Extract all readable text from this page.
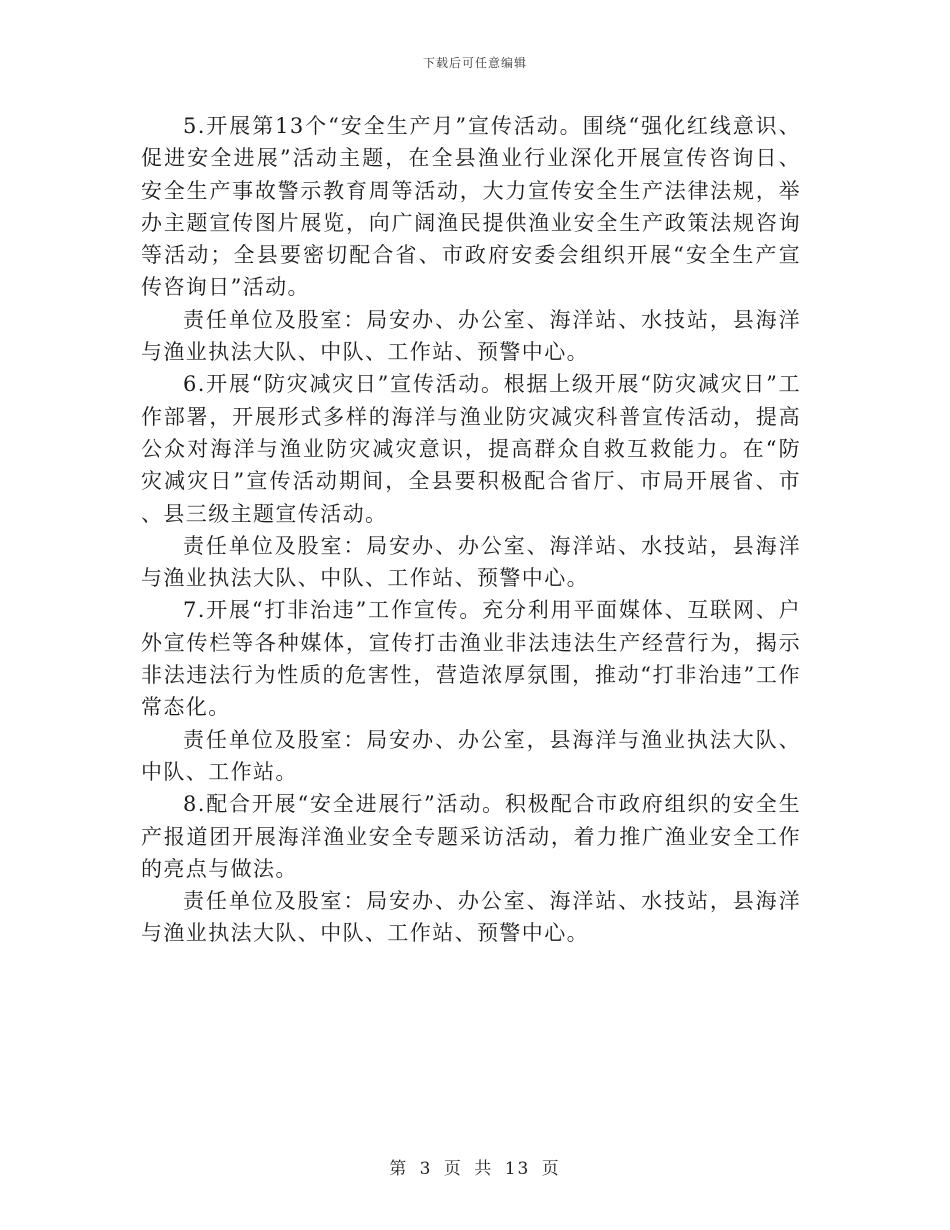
下载后可任意编辑

5.开展第13个“安全生产月”宣传活动。围绕“强化红线意识、促进安全进展”活动主题，在全县渔业行业深化开展宣传咨询日、安全生产事故警示教育周等活动，大力宣传安全生产法律法规，举办主题宣传图片展览，向广阔渔民提供渔业安全生产政策法规咨询等活动；全县要密切配合省、市政府安委会组织开展“安全生产宣传咨询日”活动。

责任单位及股室：局安办、办公室、海洋站、水技站，县海洋与渔业执法大队、中队、工作站、预警中心。

6.开展“防灾减灾日”宣传活动。根据上级开展“防灾减灾日”工作部署，开展形式多样的海洋与渔业防灾减灾科普宣传活动，提高公众对海洋与渔业防灾减灾意识，提高群众自救互救能力。在“防灾减灾日”宣传活动期间，全县要积极配合省厅、市局开展省、市、县三级主题宣传活动。

责任单位及股室：局安办、办公室、海洋站、水技站，县海洋与渔业执法大队、中队、工作站、预警中心。

7.开展“打非治违”工作宣传。充分利用平面媒体、互联网、户外宣传栏等各种媒体，宣传打击渔业非法违法生产经营行为，揭示非法违法行为性质的危害性，营造浓厚氛围，推动“打非治违”工作常态化。

责任单位及股室：局安办、办公室，县海洋与渔业执法大队、中队、工作站。

8.配合开展“安全进展行”活动。积极配合市政府组织的安全生产报道团开展海洋渔业安全专题采访活动，着力推广渔业安全工作的亮点与做法。

责任单位及股室：局安办、办公室、海洋站、水技站，县海洋与渔业执法大队、中队、工作站、预警中心。

第 3 页 共 13 页
